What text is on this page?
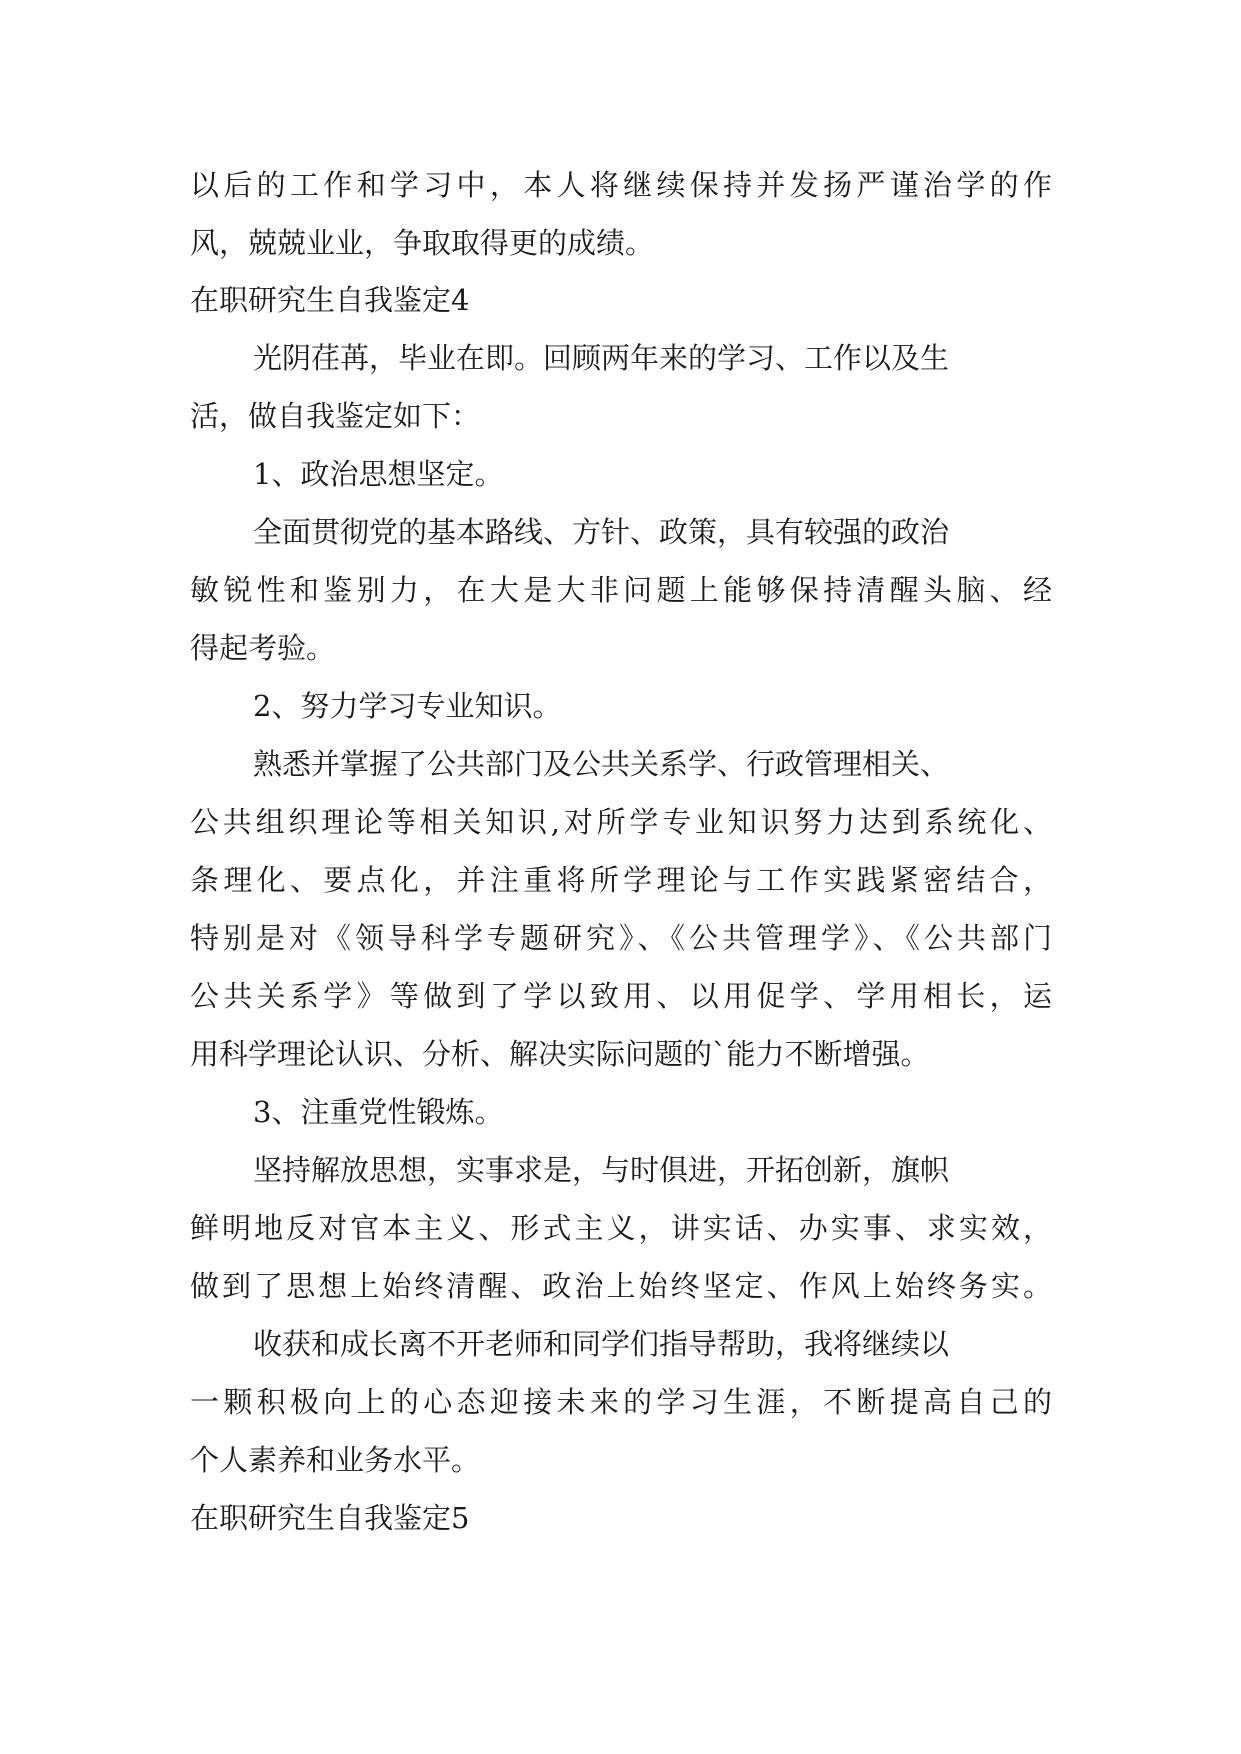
以后的工作和学习中，本人将继续保持并发扬严谨治学的作
风，兢兢业业，争取取得更的成绩。
在职研究生自我鉴定4
光阴荏苒，毕业在即。回顾两年来的学习、工作以及生
活，做自我鉴定如下：
1、政治思想坚定。
全面贯彻党的基本路线、方针、政策，具有较强的政治
敏锐性和鉴别力，在大是大非问题上能够保持清醒头脑、经
得起考验。
2、努力学习专业知识。
熟悉并掌握了公共部门及公共关系学、行政管理相关、
公共组织理论等相关知识,对所学专业知识努力达到系统化、
条理化、要点化，并注重将所学理论与工作实践紧密结合，
特别是对《领导科学专题研究》、《公共管理学》、《公共部门
公共关系学》等做到了学以致用、以用促学、学用相长，运
用科学理论认识、分析、解决实际问题的`能力不断增强。
3、注重党性锻炼。
坚持解放思想，实事求是，与时俱进，开拓创新，旗帜
鲜明地反对官本主义、形式主义，讲实话、办实事、求实效，
做到了思想上始终清醒、政治上始终坚定、作风上始终务实。
收获和成长离不开老师和同学们指导帮助，我将继续以
一颗积极向上的心态迎接未来的学习生涯，不断提高自己的
个人素养和业务水平。
在职研究生自我鉴定5
